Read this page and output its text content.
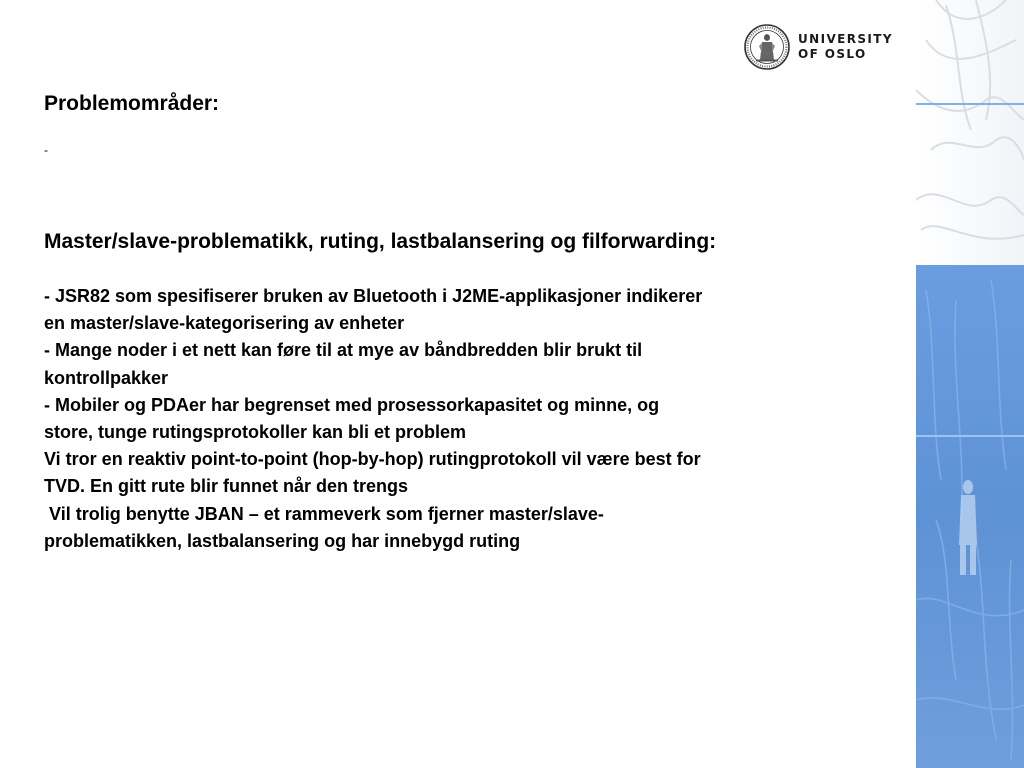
UNIVERSITY
OF OSLO
Problemområder:
-
Master/slave-problematikk, ruting, lastbalansering og filforwarding:
- JSR82 som spesifiserer bruken av Bluetooth i J2ME-applikasjoner indikerer
en master/slave-kategorisering av enheter
- Mange noder i et nett kan føre til at mye av båndbredden blir brukt til
kontrollpakker
- Mobiler og PDAer har begrenset med prosessorkapasitet og minne, og
store, tunge rutingsprotokoller kan bli et problem
Vi tror en reaktiv point-to-point (hop-by-hop) rutingprotokoll vil være best for
TVD. En gitt rute blir funnet når den trengs
Vil trolig benytte JBAN – et rammeverk som fjerner master/slave-
problematikken, lastbalansering og har innebygd ruting
